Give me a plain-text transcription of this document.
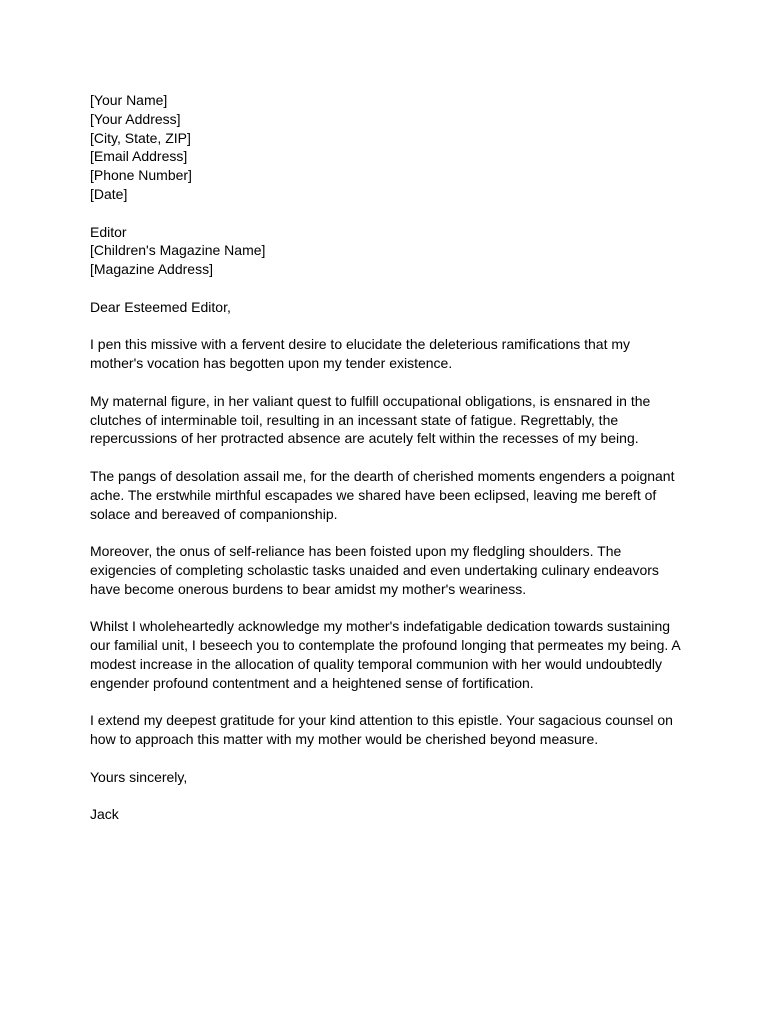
[Your Name]
[Your Address]
[City, State, ZIP]
[Email Address]
[Phone Number]
[Date]
Editor
[Children's Magazine Name]
[Magazine Address]
Dear Esteemed Editor,
I pen this missive with a fervent desire to elucidate the deleterious ramifications that my
mother's vocation has begotten upon my tender existence.
My maternal figure, in her valiant quest to fulfill occupational obligations, is ensnared in the
clutches of interminable toil, resulting in an incessant state of fatigue. Regrettably, the
repercussions of her protracted absence are acutely felt within the recesses of my being.
The pangs of desolation assail me, for the dearth of cherished moments engenders a poignant
ache. The erstwhile mirthful escapades we shared have been eclipsed, leaving me bereft of
solace and bereaved of companionship.
Moreover, the onus of self-reliance has been foisted upon my fledgling shoulders. The
exigencies of completing scholastic tasks unaided and even undertaking culinary endeavors
have become onerous burdens to bear amidst my mother's weariness.
Whilst I wholeheartedly acknowledge my mother's indefatigable dedication towards sustaining
our familial unit, I beseech you to contemplate the profound longing that permeates my being. A
modest increase in the allocation of quality temporal communion with her would undoubtedly
engender profound contentment and a heightened sense of fortification.
I extend my deepest gratitude for your kind attention to this epistle. Your sagacious counsel on
how to approach this matter with my mother would be cherished beyond measure.
Yours sincerely,
Jack
